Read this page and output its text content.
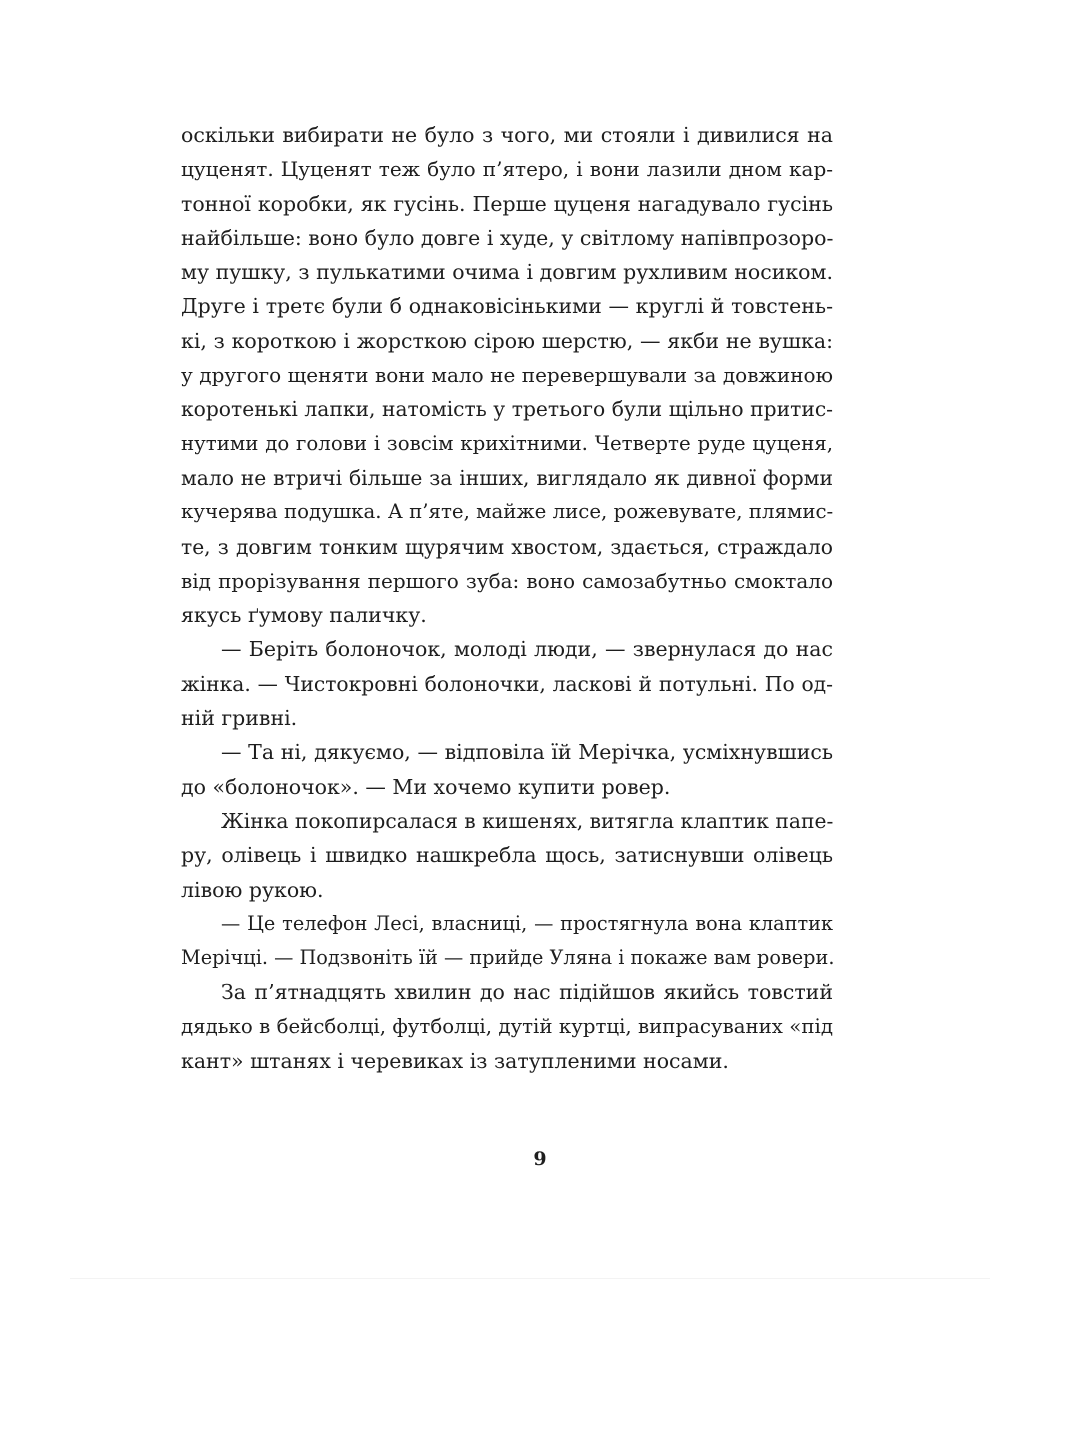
оскільки вибирати не було з чого, ми стояли і дивилися на
цуценят. Цуценят теж було п’ятеро, і вони лазили дном кар-
тонної коробки, як гусінь. Перше цуценя нагадувало гусінь
найбільше: воно було довге і худе, у світлому напівпрозоро-
му пушку, з пулькатими очима і довгим рухливим носиком.
Друге і третє були б однаковісінькими — круглі й товстень-
кі, з короткою і жорсткою сірою шерстю, — якби не вушка:
у другого щеняти вони мало не перевершували за довжиною
коротенькі лапки, натомість у третього були щільно притис-
нутими до голови і зовсім крихітними. Четверте руде цуценя,
мало не втричі більше за інших, виглядало як дивної форми
кучерява подушка. А п’яте, майже лисе, рожевувате, плямис-
те, з довгим тонким щурячим хвостом, здається, страждало
від прорізування першого зуба: воно самозабутньо смоктало
якусь ґумову паличку.
— Беріть болоночок, молоді люди, — звернулася до нас
жінка. — Чистокровні болоночки, ласкові й потульні. По од-
ній гривні.
— Та ні, дякуємо, — відповіла їй Мерічка, усміхнувшись
до «болоночок». — Ми хочемо купити ровер.
Жінка покопирсалася в кишенях, витягла клаптик папе-
ру, олівець і швидко нашкребла щось, затиснувши олівець
лівою рукою.
— Це телефон Лесі, власниці, — простягнула вона клаптик
Мерічці. — Подзвоніть їй — прийде Уляна і покаже вам ровери.
За п’ятнадцять хвилин до нас підійшов якийсь товстий
дядько в бейсболці, футболці, дутій куртці, випрасуваних «під
кант» штанях і черевиках із затупленими носами.
9
